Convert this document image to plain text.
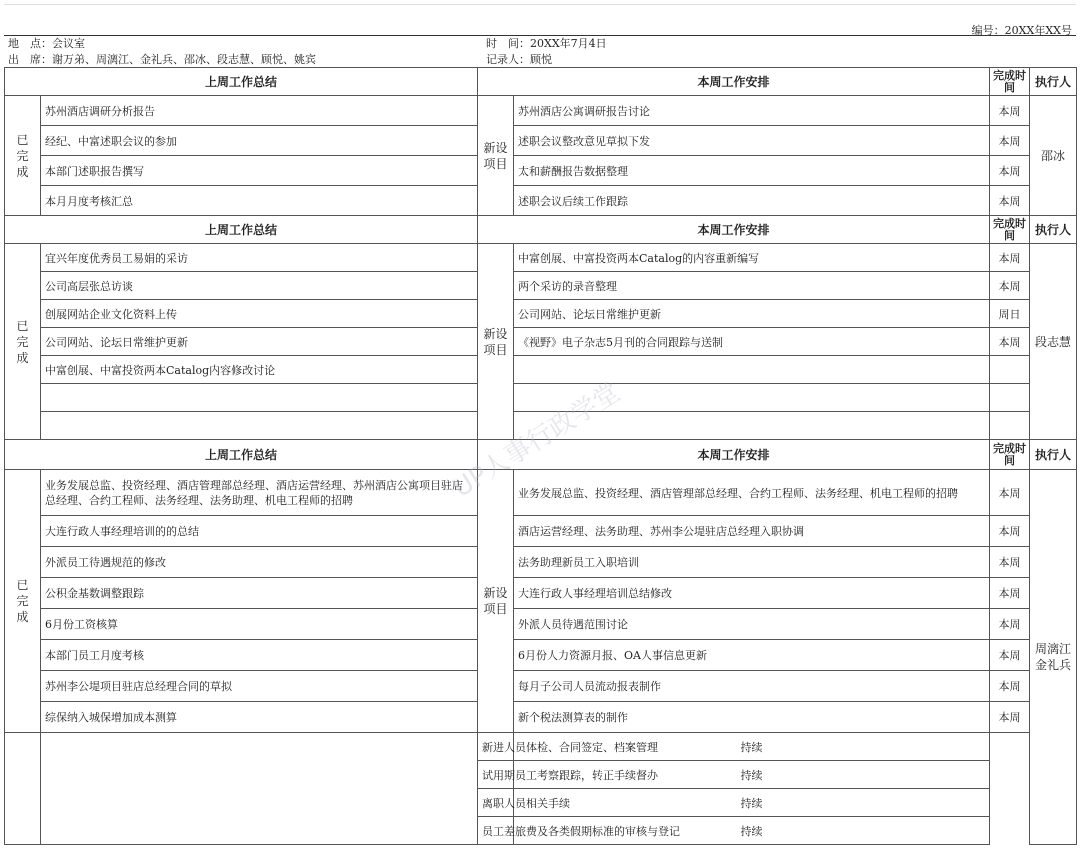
编号：20XX年XX号
地　点：会议室	时　间：20XX年7月4日
出　席：谢万弟、周漓江、金礼兵、邵冰、段志慧、顾悦、姚宾	记录人：顾悦
上周工作总结		本周工作安排		完成时间	执行人
已完成	苏州酒店调研分析报告	新设项目	苏州酒店公寓调研报告讨论	本周	邵冰
	经纪、中富述职会议的参加		述职会议整改意见草拟下发	本周	
	本部门述职报告撰写		太和薪酬报告数据整理	本周	
	本月月度考核汇总		述职会议后续工作跟踪	本周	
上周工作总结		本周工作安排		完成时间	执行人
已完成	宜兴年度优秀员工易娟的采访	新设项目	中富创展、中富投资两本Catalog的内容重新编写	本周	段志慧
	公司高层张总访谈		两个采访的录音整理	本周	
	创展网站企业文化资料上传		公司网站、论坛日常维护更新	周日	
	公司网站、论坛日常维护更新		《视野》电子杂志5月刊的合同跟踪与送制	本周	
	中富创展、中富投资两本Catalog内容修改讨论				

上周工作总结		本周工作安排		完成时间	执行人
已完成	业务发展总监、投资经理、酒店管理部总经理、酒店运营经理、苏州酒店公寓项目驻店总经理、合约工程师、法务经理、法务助理、机电工程师的招聘	新设项目	业务发展总监、投资经理、酒店管理部总经理、合约工程师、法务经理、机电工程师的招聘	本周	周漓江 金礼兵
	大连行政人事经理培训的的总结		酒店运营经理、法务助理、苏州李公堤驻店总经理入职协调	本周	
	外派员工待遇规范的修改		法务助理新员工入职培训	本周	
	公积金基数调整跟踪		大连行政人事经理培训总结修改	本周	
	6月份工资核算		外派人员待遇范围讨论	本周	
	本部门员工月度考核		6月份人力资源月报、OA人事信息更新	本周	
	苏州李公堤项目驻店总经理合同的草拟		每月子公司人员流动报表制作	本周	
	综保纳入城保增加成本测算		新个税法测算表的制作	本周	
		新进人员体检、合同签定、档案管理	持续		
		试用期员工考察跟踪，转正手续督办	持续		
		离职人员相关手续	持续		
		员工差旅费及各类假期标准的审核与登记	持续		
UP人事行政学堂
